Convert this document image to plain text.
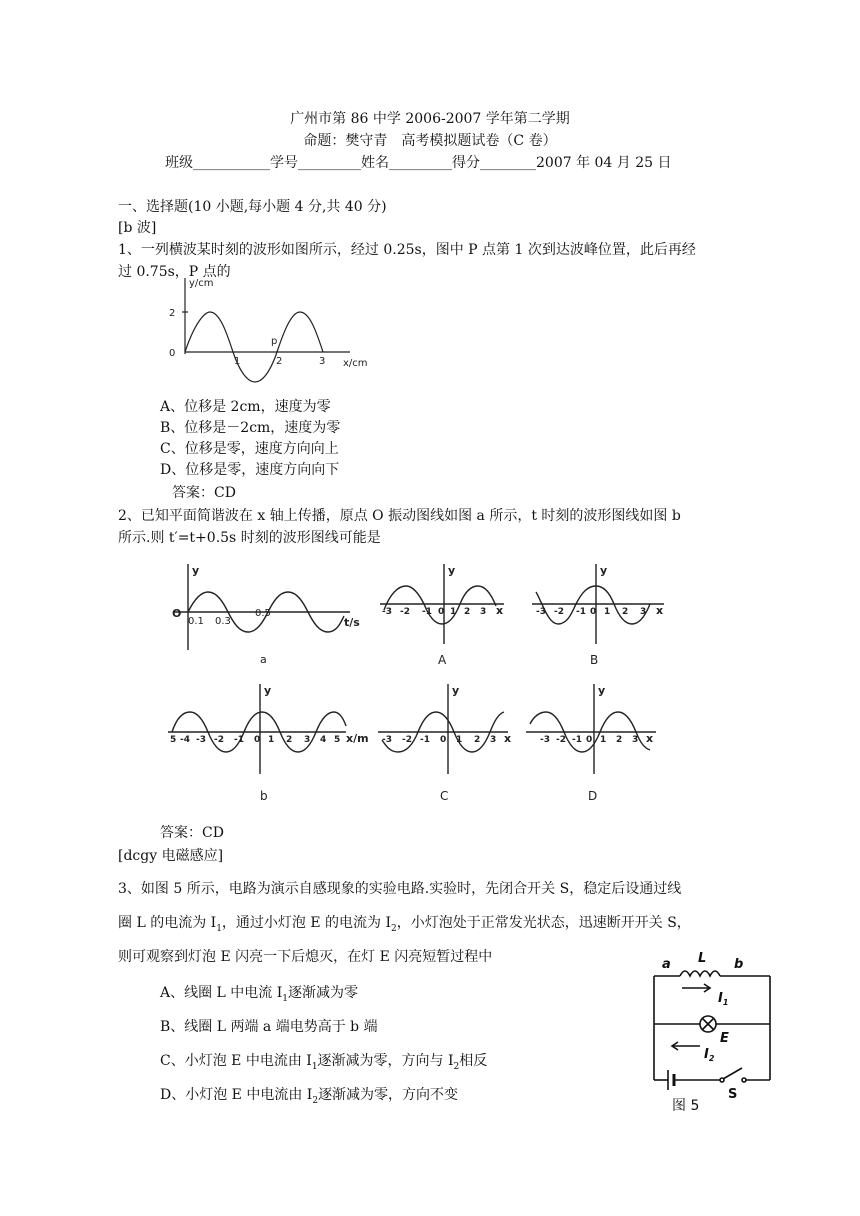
广州市第 86 中学 2006-2007 学年第二学期
命题：樊守青　高考模拟题试卷（C 卷）
班级___________学号_________姓名_________得分________2007 年 04 月 25 日
一、选择题(10 小题,每小题 4 分,共 40 分)
[b 波]
1、一列横波某时刻的波形如图所示，经过 0.25s，图中 P 点第 1 次到达波峰位置，此后再经
过 0.75s，P 点的
y/cm
2
0
1	2	3
p
x/cm
A、位移是 2cm，速度为零
B、位移是－2cm，速度为零
C、位移是零，速度方向向上
D、位移是零，速度方向向下
答案：CD
2、已知平面简谐波在 x 轴上传播，原点 O 振动图线如图 a 所示，t 时刻的波形图线如图 b
所示.则 t′=t+0.5s 时刻的波形图线可能是
y
O
0.1 0.3
0.5
t/s
a
y
-3 -2 -1 0 1 2 3 x
A
y
-3 -2 -1 0 1 2 3 x
B
y
5 -4 -3 -2 -1 0 1 2 3 4 5 x/m
b
y
-3 -2 -1 0 1 2 3 x
C
y
-3 -2 -1 0 1 2 3 x
D
答案：CD
[dcgy 电磁感应]
3、如图 5 所示，电路为演示自感现象的实验电路.实验时，先闭合开关 S，稳定后设通过线
圈 L 的电流为 $I_1$，通过小灯泡 E 的电流为 $I_2$，小灯泡处于正常发光状态，迅速断开开关 S，
则可观察到灯泡 E 闪亮一下后熄灭，在灯 E 闪亮短暂过程中
A、线圈 L 中电流 $I_1$逐渐减为零
B、线圈 L 两端 a 端电势高于 b 端
C、小灯泡 E 中电流由 $I_1$逐渐减为零，方向与 $I_2$相反
D、小灯泡 E 中电流由 $I_2$逐渐减为零，方向不变
a L b
$I_1$
E
$I_2$
S
图 5
